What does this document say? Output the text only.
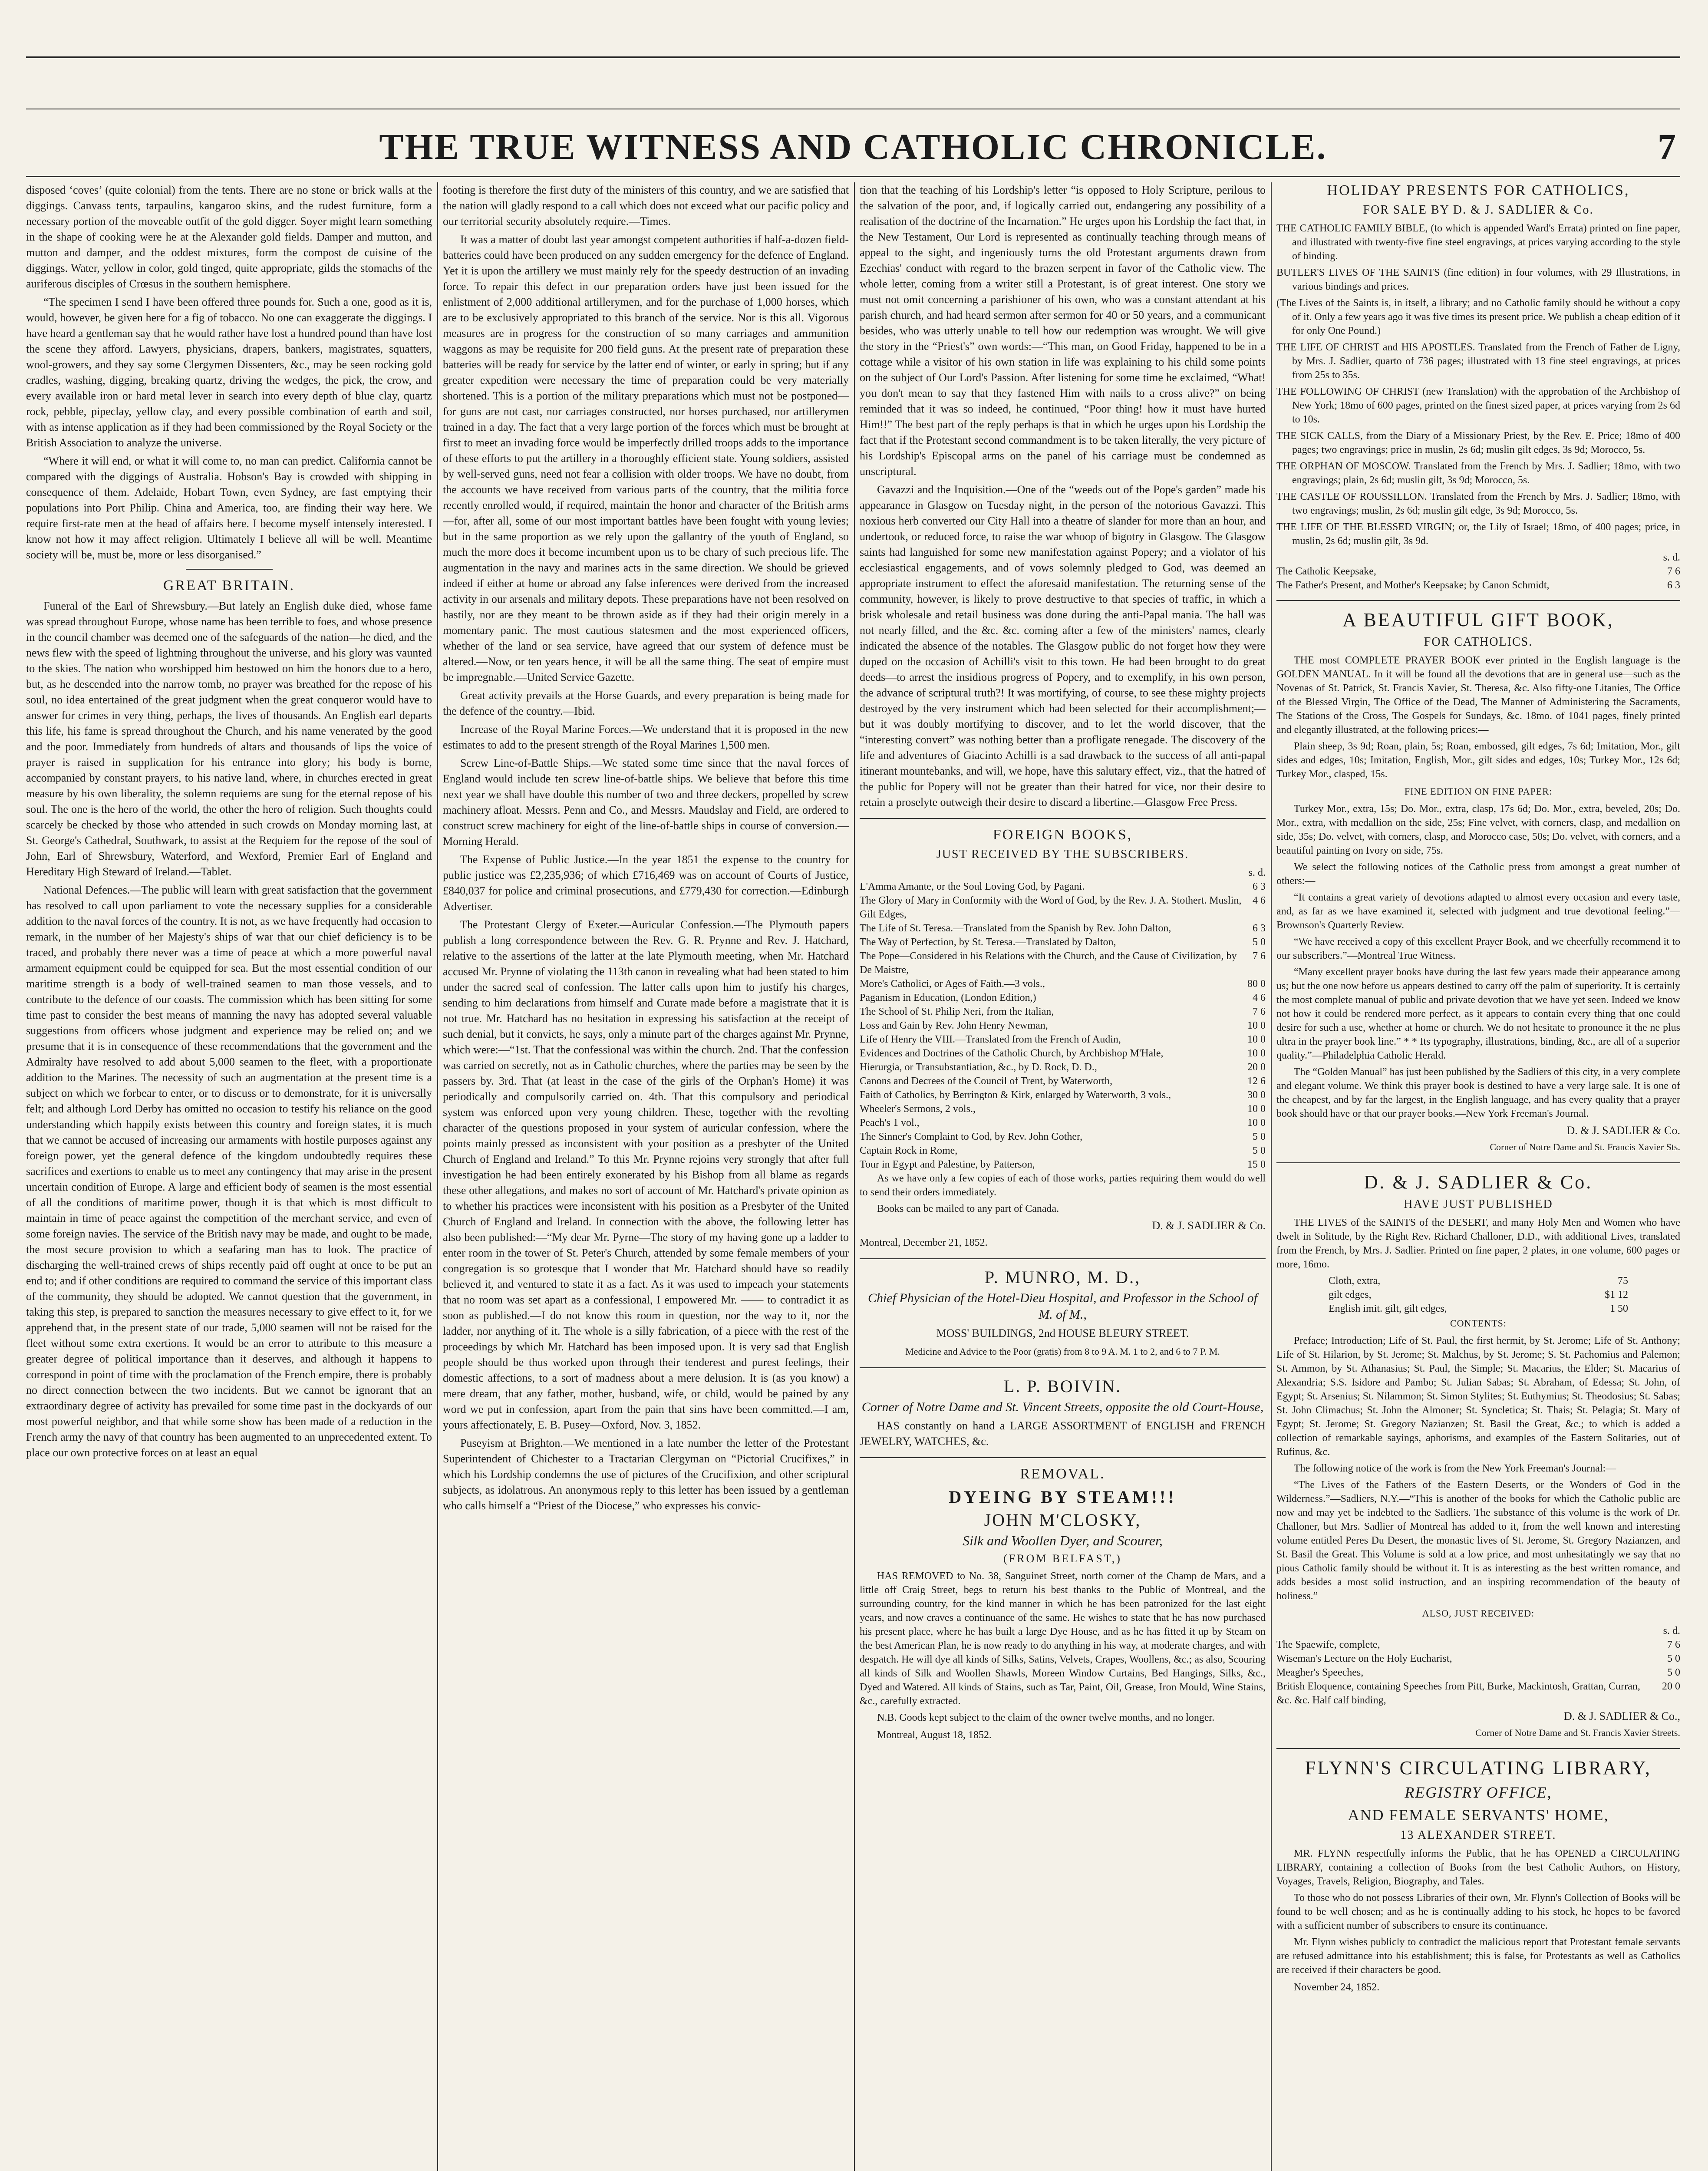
THE TRUE WITNESS AND CATHOLIC CHRONICLE.	7

disposed ‘coves’ (quite colonial) from the tents. There are no stone or brick walls at the diggings. Canvass tents, tarpaulins, kangaroo skins, and the rudest furniture, form a necessary portion of the moveable outfit of the gold digger. Soyer might learn something in the shape of cooking were he at the Alexander gold fields. Damper and mutton, and mutton and damper, and the oddest mixtures, form the compost de cuisine of the diggings. Water, yellow in color, gold tinged, quite appropriate, gilds the stomachs of the auriferous disciples of Crœsus in the southern hemisphere.

“The specimen I send I have been offered three pounds for. Such a one, good as it is, would, however, be given here for a fig of tobacco. No one can exaggerate the diggings. I have heard a gentleman say that he would rather have lost a hundred pound than have lost the scene they afford. Lawyers, physicians, drapers, bankers, magistrates, squatters, wool-growers, and they say some Clergymen Dissenters, &c., may be seen rocking gold cradles, washing, digging, breaking quartz, driving the wedges, the pick, the crow, and every available iron or hard metal lever in search into every depth of blue clay, quartz rock, pebble, pipeclay, yellow clay, and every possible combination of earth and soil, with as intense application as if they had been commissioned by the Royal Society or the British Association to analyze the universe.

“Where it will end, or what it will come to, no man can predict. California cannot be compared with the diggings of Australia. Hobson's Bay is crowded with shipping in consequence of them. Adelaide, Hobart Town, even Sydney, are fast emptying their populations into Port Philip. China and America, too, are finding their way here. We require first-rate men at the head of affairs here. I become myself intensely interested. I know not how it may affect religion. Ultimately I believe all will be well. Meantime society will be, must be, more or less disorganised.”

GREAT BRITAIN.

Funeral of the Earl of Shrewsbury.—But lately an English duke died, whose fame was spread throughout Europe, whose name has been terrible to foes, and whose presence in the council chamber was deemed one of the safeguards of the nation—he died, and the news flew with the speed of lightning throughout the universe, and his glory was vaunted to the skies. The nation who worshipped him bestowed on him the honors due to a hero, but, as he descended into the narrow tomb, no prayer was breathed for the repose of his soul, no idea entertained of the great judgment when the great conqueror would have to answer for crimes in very thing, perhaps, the lives of thousands. An English earl departs this life, his fame is spread throughout the Church, and his name venerated by the good and the poor. Immediately from hundreds of altars and thousands of lips the voice of prayer is raised in supplication for his entrance into glory; his body is borne, accompanied by constant prayers, to his native land, where, in churches erected in great measure by his own liberality, the solemn requiems are sung for the eternal repose of his soul. The one is the hero of the world, the other the hero of religion. Such thoughts could scarcely be checked by those who attended in such crowds on Monday morning last, at St. George's Cathedral, Southwark, to assist at the Requiem for the repose of the soul of John, Earl of Shrewsbury, Waterford, and Wexford, Premier Earl of England and Hereditary High Steward of Ireland.—Tablet.

National Defences.—The public will learn with great satisfaction that the government has resolved to call upon parliament to vote the necessary supplies for a considerable addition to the naval forces of the country. It is not, as we have frequently had occasion to remark, in the number of her Majesty's ships of war that our chief deficiency is to be traced, and probably there never was a time of peace at which a more powerful naval armament equipment could be equipped for sea. But the most essential condition of our maritime strength is a body of well-trained seamen to man those vessels, and to contribute to the defence of our coasts. The commission which has been sitting for some time past to consider the best means of manning the navy has adopted several valuable suggestions from officers whose judgment and experience may be relied on; and we presume that it is in consequence of these recommendations that the government and the Admiralty have resolved to add about 5,000 seamen to the fleet, with a proportionate addition to the Marines. The necessity of such an augmentation at the present time is a subject on which we forbear to enter, or to discuss or to demonstrate, for it is universally felt; and although Lord Derby has omitted no occasion to testify his reliance on the good understanding which happily exists between this country and foreign states, it is much that we cannot be accused of increasing our armaments with hostile purposes against any foreign power, yet the general defence of the kingdom undoubtedly requires these sacrifices and exertions to enable us to meet any contingency that may arise in the present uncertain condition of Europe. A large and efficient body of seamen is the most essential of all the conditions of maritime power, though it is that which is most difficult to maintain in time of peace against the competition of the merchant service, and even of some foreign navies. The service of the British navy may be made, and ought to be made, the most secure provision to which a seafaring man has to look. The practice of discharging the well-trained crews of ships recently paid off ought at once to be put an end to; and if other conditions are required to command the service of this important class of the community, they should be adopted. We cannot question that the government, in taking this step, is prepared to sanction the measures necessary to give effect to it, for we apprehend that, in the present state of our trade, 5,000 seamen will not be raised for the fleet without some extra exertions. It would be an error to attribute to this measure a greater degree of political importance than it deserves, and although it happens to correspond in point of time with the proclamation of the French empire, there is probably no direct connection between the two incidents. But we cannot be ignorant that an extraordinary degree of activity has prevailed for some time past in the dockyards of our most powerful neighbor, and that while some show has been made of a reduction in the French army the navy of that country has been augmented to an unprecedented extent. To place our own protective forces on at least an equal

footing is therefore the first duty of the ministers of this country, and we are satisfied that the nation will gladly respond to a call which does not exceed what our pacific policy and our territorial security absolutely require.—Times.

It was a matter of doubt last year amongst competent authorities if half-a-dozen field-batteries could have been produced on any sudden emergency for the defence of England. Yet it is upon the artillery we must mainly rely for the speedy destruction of an invading force. To repair this defect in our preparation orders have just been issued for the enlistment of 2,000 additional artillerymen, and for the purchase of 1,000 horses, which are to be exclusively appropriated to this branch of the service. Nor is this all. Vigorous measures are in progress for the construction of so many carriages and ammunition waggons as may be requisite for 200 field guns. At the present rate of preparation these batteries will be ready for service by the latter end of winter, or early in spring; but if any greater expedition were necessary the time of preparation could be very materially shortened. This is a portion of the military preparations which must not be postponed—for guns are not cast, nor carriages constructed, nor horses purchased, nor artillerymen trained in a day. The fact that a very large portion of the forces which must be brought at first to meet an invading force would be imperfectly drilled troops adds to the importance of these efforts to put the artillery in a thoroughly efficient state. Young soldiers, assisted by well-served guns, need not fear a collision with older troops. We have no doubt, from the accounts we have received from various parts of the country, that the militia force recently enrolled would, if required, maintain the honor and character of the British arms—for, after all, some of our most important battles have been fought with young levies; but in the same proportion as we rely upon the gallantry of the youth of England, so much the more does it become incumbent upon us to be chary of such precious life. The augmentation in the navy and marines acts in the same direction. We should be grieved indeed if either at home or abroad any false inferences were derived from the increased activity in our arsenals and military depots. These preparations have not been resolved on hastily, nor are they meant to be thrown aside as if they had their origin merely in a momentary panic. The most cautious statesmen and the most experienced officers, whether of the land or sea service, have agreed that our system of defence must be altered.—Now, or ten years hence, it will be all the same thing. The seat of empire must be impregnable.—United Service Gazette.

Great activity prevails at the Horse Guards, and every preparation is being made for the defence of the country.—Ibid.

Increase of the Royal Marine Forces.—We understand that it is proposed in the new estimates to add to the present strength of the Royal Marines 1,500 men.

Screw Line-of-Battle Ships.—We stated some time since that the naval forces of England would include ten screw line-of-battle ships. We believe that before this time next year we shall have double this number of two and three deckers, propelled by screw machinery afloat. Messrs. Penn and Co., and Messrs. Maudslay and Field, are ordered to construct screw machinery for eight of the line-of-battle ships in course of conversion.—Morning Herald.

The Expense of Public Justice.—In the year 1851 the expense to the country for public justice was £2,235,936; of which £716,469 was on account of Courts of Justice, £840,037 for police and criminal prosecutions, and £779,430 for correction.—Edinburgh Advertiser.

The Protestant Clergy of Exeter.—Auricular Confession.—The Plymouth papers publish a long correspondence between the Rev. G. R. Prynne and Rev. J. Hatchard, relative to the assertions of the latter at the late Plymouth meeting, when Mr. Hatchard accused Mr. Prynne of violating the 113th canon in revealing what had been stated to him under the sacred seal of confession. The latter calls upon him to justify his charges, sending to him declarations from himself and Curate made before a magistrate that it is not true. Mr. Hatchard has no hesitation in expressing his satisfaction at the receipt of such denial, but it convicts, he says, only a minute part of the charges against Mr. Prynne, which were:—“1st. That the confessional was within the church. 2nd. That the confession was carried on secretly, not as in Catholic churches, where the parties may be seen by the passers by. 3rd. That (at least in the case of the girls of the Orphan's Home) it was periodically and compulsorily carried on. 4th. That this compulsory and periodical system was enforced upon very young children. These, together with the revolting character of the questions proposed in your system of auricular confession, where the points mainly pressed as inconsistent with your position as a presbyter of the United Church of England and Ireland.” To this Mr. Prynne rejoins very strongly that after full investigation he had been entirely exonerated by his Bishop from all blame as regards these other allegations, and makes no sort of account of Mr. Hatchard's private opinion as to whether his practices were inconsistent with his position as a Presbyter of the United Church of England and Ireland. In connection with the above, the following letter has also been published:—“My dear Mr. Pyrne—The story of my having gone up a ladder to enter room in the tower of St. Peter's Church, attended by some female members of your congregation is so grotesque that I wonder that Mr. Hatchard should have so readily believed it, and ventured to state it as a fact. As it was used to impeach your statements that no room was set apart as a confessional, I empowered Mr. —— to contradict it as soon as published.—I do not know this room in question, nor the way to it, nor the ladder, nor anything of it. The whole is a silly fabrication, of a piece with the rest of the proceedings by which Mr. Hatchard has been imposed upon. It is very sad that English people should be thus worked upon through their tenderest and purest feelings, their domestic affections, to a sort of madness about a mere delusion. It is (as you know) a mere dream, that any father, mother, husband, wife, or child, would be pained by any word we put in confession, apart from the pain that sins have been committed.—I am, yours affectionately, E. B. Pusey—Oxford, Nov. 3, 1852.

Puseyism at Brighton.—We mentioned in a late number the letter of the Protestant Superintendent of Chichester to a Tractarian Clergyman on “Pictorial Crucifixes,” in which his Lordship condemns the use of pictures of the Crucifixion, and other scriptural subjects, as idolatrous. An anonymous reply to this letter has been issued by a gentleman who calls himself a “Priest of the Diocese,” who expresses his convic-

tion that the teaching of his Lordship's letter “is opposed to Holy Scripture, perilous to the salvation of the poor, and, if logically carried out, endangering any possibility of a realisation of the doctrine of the Incarnation.” He urges upon his Lordship the fact that, in the New Testament, Our Lord is represented as continually teaching through means of appeal to the sight, and ingeniously turns the old Protestant arguments drawn from Ezechias' conduct with regard to the brazen serpent in favor of the Catholic view. The whole letter, coming from a writer still a Protestant, is of great interest. One story we must not omit concerning a parishioner of his own, who was a constant attendant at his parish church, and had heard sermon after sermon for 40 or 50 years, and a communicant besides, who was utterly unable to tell how our redemption was wrought. We will give the story in the “Priest's” own words:—“This man, on Good Friday, happened to be in a cottage while a visitor of his own station in life was explaining to his child some points on the subject of Our Lord's Passion. After listening for some time he exclaimed, “What! you don't mean to say that they fastened Him with nails to a cross alive?” on being reminded that it was so indeed, he continued, “Poor thing! how it must have hurted Him!!” The best part of the reply perhaps is that in which he urges upon his Lordship the fact that if the Protestant second commandment is to be taken literally, the very picture of his Lordship's Episcopal arms on the panel of his carriage must be condemned as unscriptural.

Gavazzi and the Inquisition.—One of the “weeds out of the Pope's garden” made his appearance in Glasgow on Tuesday night, in the person of the notorious Gavazzi. This noxious herb converted our City Hall into a theatre of slander for more than an hour, and undertook, or reduced force, to raise the war whoop of bigotry in Glasgow. The Glasgow saints had languished for some new manifestation against Popery; and a violator of his ecclesiastical engagements, and of vows solemnly pledged to God, was deemed an appropriate instrument to effect the aforesaid manifestation. The returning sense of the community, however, is likely to prove destructive to that species of traffic, in which a brisk wholesale and retail business was done during the anti-Papal mania. The hall was not nearly filled, and the &c. &c. coming after a few of the ministers' names, clearly indicated the absence of the notables. The Glasgow public do not forget how they were duped on the occasion of Achilli's visit to this town. He had been brought to do great deeds—to arrest the insidious progress of Popery, and to exemplify, in his own person, the advance of scriptural truth?! It was mortifying, of course, to see these mighty projects destroyed by the very instrument which had been selected for their accomplishment;—but it was doubly mortifying to discover, and to let the world discover, that the “interesting convert” was nothing better than a profligate renegade. The discovery of the life and adventures of Giacinto Achilli is a sad drawback to the success of all anti-papal itinerant mountebanks, and will, we hope, have this salutary effect, viz., that the hatred of the public for Popery will not be greater than their hatred for vice, nor their desire to retain a proselyte outweigh their desire to discard a libertine.—Glasgow Free Press.

FOREIGN BOOKS,
JUST RECEIVED BY THE SUBSCRIBERS.
s. d.
L'Amma Amante, or the Soul Loving God, by Pagani.	6 3
The Glory of Mary in Conformity with the Word of God, by the Rev. J. A. Stothert. Muslin, Gilt Edges,
4 6
The Life of St. Teresa.—Translated from the Spanish by Rev. John Dalton,	6 3
The Way of Perfection, by St. Teresa.—Translated by Dalton,	5 0
The Pope—Considered in his Relations with the Church, and the Cause of Civilization, by De Maistre,
7 6
More's Catholici, or Ages of Faith.—3 vols.,	80 0
Paganism in Education, (London Edition,)	4 6
The School of St. Philip Neri, from the Italian,	7 6
Loss and Gain by Rev. John Henry Newman,	10 0
Life of Henry the VIII.—Translated from the French of Audin,	10 0
Evidences and Doctrines of the Catholic Church, by Archbishop M'Hale,	10 0
Hierurgia, or Transubstantiation, &c., by D. Rock, D. D.,	20 0
Canons and Decrees of the Council of Trent, by Waterworth,	12 6
Faith of Catholics, by Berrington & Kirk, enlarged by Waterworth, 3 vols.,	30 0
Wheeler's Sermons, 2 vols.,	10 0
Peach's 1 vol.,	10 0
The Sinner's Complaint to God, by Rev. John Gother,	5 0
Captain Rock in Rome,	5 0
Tour in Egypt and Palestine, by Patterson,	15 0

As we have only a few copies of each of those works, parties requiring them would do well to send their orders immediately.

Books can be mailed to any part of Canada.

D. & J. SADLIER & Co.

Montreal, December 21, 1852.

P. MUNRO, M. D.,

Chief Physician of the Hotel-Dieu Hospital, and Professor in the School of M. of M.,

MOSS' BUILDINGS, 2nd HOUSE BLEURY STREET.

Medicine and Advice to the Poor (gratis) from 8 to 9 A. M. 1 to 2, and 6 to 7 P. M.

L. P. BOIVIN.

Corner of Notre Dame and St. Vincent Streets, opposite the old Court-House,

HAS constantly on hand a LARGE ASSORTMENT of ENGLISH and FRENCH JEWELRY, WATCHES, &c.

REMOVAL.
DYEING BY STEAM!!!
JOHN M'CLOSKY,

Silk and Woollen Dyer, and Scourer,

(FROM BELFAST,)

HAS REMOVED to No. 38, Sanguinet Street, north corner of the Champ de Mars, and a little off Craig Street, begs to return his best thanks to the Public of Montreal, and the surrounding country, for the kind manner in which he has been patronized for the last eight years, and now craves a continuance of the same. He wishes to state that he has now purchased his present place, where he has built a large Dye House, and as he has fitted it up by Steam on the best American Plan, he is now ready to do anything in his way, at moderate charges, and with despatch. He will dye all kinds of Silks, Satins, Velvets, Crapes, Woollens, &c.; as also, Scouring all kinds of Silk and Woollen Shawls, Moreen Window Curtains, Bed Hangings, Silks, &c., Dyed and Watered. All kinds of Stains, such as Tar, Paint, Oil, Grease, Iron Mould, Wine Stains, &c., carefully extracted.

N.B. Goods kept subject to the claim of the owner twelve months, and no longer.

Montreal, August 18, 1852.

HOLIDAY PRESENTS FOR CATHOLICS,
FOR SALE BY D. & J. SADLIER & Co.
THE CATHOLIC FAMILY BIBLE, (to which is appended Ward's Errata) printed on fine paper, and illustrated with twenty-five fine steel engravings, at prices varying according to the style of binding.
BUTLER'S LIVES OF THE SAINTS (fine edition) in four volumes, with 29 Illustrations, in various bindings and prices.
(The Lives of the Saints is, in itself, a library; and no Catholic family should be without a copy of it. Only a few years ago it was five times its present price. We publish a cheap edition of it for only One Pound.)
THE LIFE OF CHRIST and HIS APOSTLES. Translated from the French of Father de Ligny, by Mrs. J. Sadlier, quarto of 736 pages; illustrated with 13 fine steel engravings, at prices from 25s to 35s.
THE FOLLOWING OF CHRIST (new Translation) with the approbation of the Archbishop of New York; 18mo of 600 pages, printed on the finest sized paper, at prices varying from 2s 6d to 10s.
THE SICK CALLS, from the Diary of a Missionary Priest, by the Rev. E. Price; 18mo of 400 pages; two engravings; price in muslin, 2s 6d; muslin gilt edges, 3s 9d; Morocco, 5s.
THE ORPHAN OF MOSCOW. Translated from the French by Mrs. J. Sadlier; 18mo, with two engravings; plain, 2s 6d; muslin gilt, 3s 9d; Morocco, 5s.
THE CASTLE OF ROUSSILLON. Translated from the French by Mrs. J. Sadlier; 18mo, with two engravings; muslin, 2s 6d; muslin gilt edge, 3s 9d; Morocco, 5s.
THE LIFE OF THE BLESSED VIRGIN; or, the Lily of Israel; 18mo, of 400 pages; price, in muslin, 2s 6d; muslin gilt, 3s 9d.
s. d.
The Catholic Keepsake,	7 6
The Father's Present, and Mother's Keepsake; by Canon Schmidt,	6 3
A BEAUTIFUL GIFT BOOK,
FOR CATHOLICS.

THE most COMPLETE PRAYER BOOK ever printed in the English language is the GOLDEN MANUAL. In it will be found all the devotions that are in general use—such as the Novenas of St. Patrick, St. Francis Xavier, St. Theresa, &c. Also fifty-one Litanies, The Office of the Blessed Virgin, The Office of the Dead, The Manner of Administering the Sacraments, The Stations of the Cross, The Gospels for Sundays, &c. 18mo. of 1041 pages, finely printed and elegantly illustrated, at the following prices:—

Plain sheep, 3s 9d; Roan, plain, 5s; Roan, embossed, gilt edges, 7s 6d; Imitation, Mor., gilt sides and edges, 10s; Imitation, English, Mor., gilt sides and edges, 10s; Turkey Mor., 12s 6d; Turkey Mor., clasped, 15s.

FINE EDITION ON FINE PAPER:

Turkey Mor., extra, 15s; Do. Mor., extra, clasp, 17s 6d; Do. Mor., extra, beveled, 20s; Do. Mor., extra, with medallion on the side, 25s; Fine velvet, with corners, clasp, and medallion on side, 35s; Do. velvet, with corners, clasp, and Morocco case, 50s; Do. velvet, with corners, and a beautiful painting on Ivory on side, 75s.

We select the following notices of the Catholic press from amongst a great number of others:—

“It contains a great variety of devotions adapted to almost every occasion and every taste, and, as far as we have examined it, selected with judgment and true devotional feeling.”—Brownson's Quarterly Review.

“We have received a copy of this excellent Prayer Book, and we cheerfully recommend it to our subscribers.”—Montreal True Witness.

“Many excellent prayer books have during the last few years made their appearance among us; but the one now before us appears destined to carry off the palm of superiority. It is certainly the most complete manual of public and private devotion that we have yet seen. Indeed we know not how it could be rendered more perfect, as it appears to contain every thing that one could desire for such a use, whether at home or church. We do not hesitate to pronounce it the ne plus ultra in the prayer book line.” * * Its typography, illustrations, binding, &c., are all of a superior quality.”—Philadelphia Catholic Herald.

The “Golden Manual” has just been published by the Sadliers of this city, in a very complete and elegant volume. We think this prayer book is destined to have a very large sale. It is one of the cheapest, and by far the largest, in the English language, and has every quality that a prayer book should have or that our prayer books.—New York Freeman's Journal.

D. & J. SADLIER & Co.
Corner of Notre Dame and St. Francis Xavier Sts.
D. & J. SADLIER & Co.
HAVE JUST PUBLISHED

THE LIVES of the SAINTS of the DESERT, and many Holy Men and Women who have dwelt in Solitude, by the Right Rev. Richard Challoner, D.D., with additional Lives, translated from the French, by Mrs. J. Sadlier. Printed on fine paper, 2 plates, in one volume, 600 pages or more, 16mo.

Cloth, extra,	75
gilt edges,	$1 12
English imit. gilt, gilt edges,	1 50

CONTENTS:

Preface; Introduction; Life of St. Paul, the first hermit, by St. Jerome; Life of St. Anthony; Life of St. Hilarion, by St. Jerome; St. Malchus, by St. Jerome; S. St. Pachomius and Palemon; St. Ammon, by St. Athanasius; St. Paul, the Simple; St. Macarius, the Elder; St. Macarius of Alexandria; S.S. Isidore and Pambo; St. Julian Sabas; St. Abraham, of Edessa; St. John, of Egypt; St. Arsenius; St. Nilammon; St. Simon Stylites; St. Euthymius; St. Theodosius; St. Sabas; St. John Climachus; St. John the Almoner; St. Syncletica; St. Thais; St. Pelagia; St. Mary of Egypt; St. Jerome; St. Gregory Nazianzen; St. Basil the Great, &c.; to which is added a collection of remarkable sayings, aphorisms, and examples of the Eastern Solitaries, out of Rufinus, &c.

The following notice of the work is from the New York Freeman's Journal:—

“The Lives of the Fathers of the Eastern Deserts, or the Wonders of God in the Wilderness.”—Sadliers, N.Y.—“This is another of the books for which the Catholic public are now and may yet be indebted to the Sadliers. The substance of this volume is the work of Dr. Challoner, but Mrs. Sadlier of Montreal has added to it, from the well known and interesting volume entitled Peres Du Desert, the monastic lives of St. Jerome, St. Gregory Nazianzen, and St. Basil the Great. This Volume is sold at a low price, and most unhesitatingly we say that no pious Catholic family should be without it. It is as interesting as the best written romance, and adds besides a most solid instruction, and an inspiring recommendation of the beauty of holiness.”

ALSO, JUST RECEIVED:

s. d.
The Spaewife, complete,	7 6
Wiseman's Lecture on the Holy Eucharist,	5 0
Meagher's Speeches,	5 0
British Eloquence, containing Speeches from Pitt, Burke, Mackintosh, Grattan, Curran, &c. &c. Half calf binding,
20 0
D. & J. SADLIER & Co.,
Corner of Notre Dame and St. Francis Xavier Streets.
FLYNN'S CIRCULATING LIBRARY,
REGISTRY OFFICE,
AND FEMALE SERVANTS' HOME,
13 ALEXANDER STREET.

MR. FLYNN respectfully informs the Public, that he has OPENED a CIRCULATING LIBRARY, containing a collection of Books from the best Catholic Authors, on History, Voyages, Travels, Religion, Biography, and Tales.

To those who do not possess Libraries of their own, Mr. Flynn's Collection of Books will be found to be well chosen; and as he is continually adding to his stock, he hopes to be favored with a sufficient number of subscribers to ensure its continuance.

Mr. Flynn wishes publicly to contradict the malicious report that Protestant female servants are refused admittance into his establishment; this is false, for Protestants as well as Catholics are received if their characters be good.

November 24, 1852.
